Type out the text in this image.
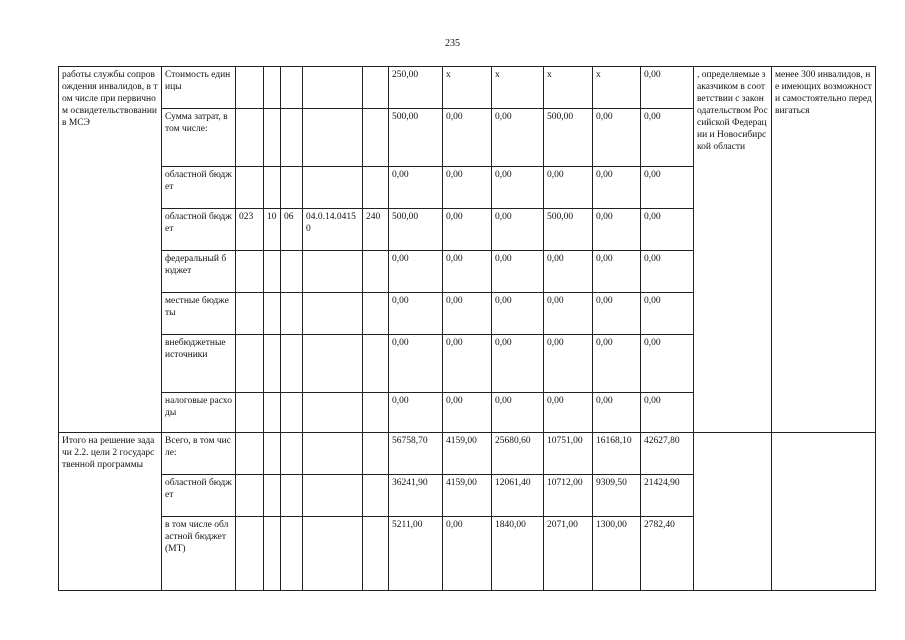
235
работы службы сопровождения инвалидов, в том числе при первичном освидетельствовании в МСЭ	Стоимость единицы						250,00	x	x	x	x	0,00	, определяемые заказчиком в соответствии с законодательством Российской Федерации и Новосибирской области	менее 300 инвалидов, не имеющих возможности самостоятельно передвигаться
	Сумма затрат, в том числе:						500,00	0,00	0,00	500,00	0,00	0,00		
	областной бюджет						0,00	0,00	0,00	0,00	0,00	0,00		
	областной бюджет	023	10	06	04.0.14.04150	240	500,00	0,00	0,00	500,00	0,00	0,00		
	федеральный бюджет						0,00	0,00	0,00	0,00	0,00	0,00		
	местные бюджеты						0,00	0,00	0,00	0,00	0,00	0,00		
	внебюджетные источники						0,00	0,00	0,00	0,00	0,00	0,00		
	налоговые расходы						0,00	0,00	0,00	0,00	0,00	0,00		
Итого на решение задачи 2.2. цели 2 государственной программы	Всего, в том числе:						56758,70	4159,00	25680,60	10751,00	16168,10	42627,80		
	областной бюджет						36241,90	4159,00	12061,40	10712,00	9309,50	21424,90		
	в том числе областной бюджет (МТ)						5211,00	0,00	1840,00	2071,00	1300,00	2782,40		
